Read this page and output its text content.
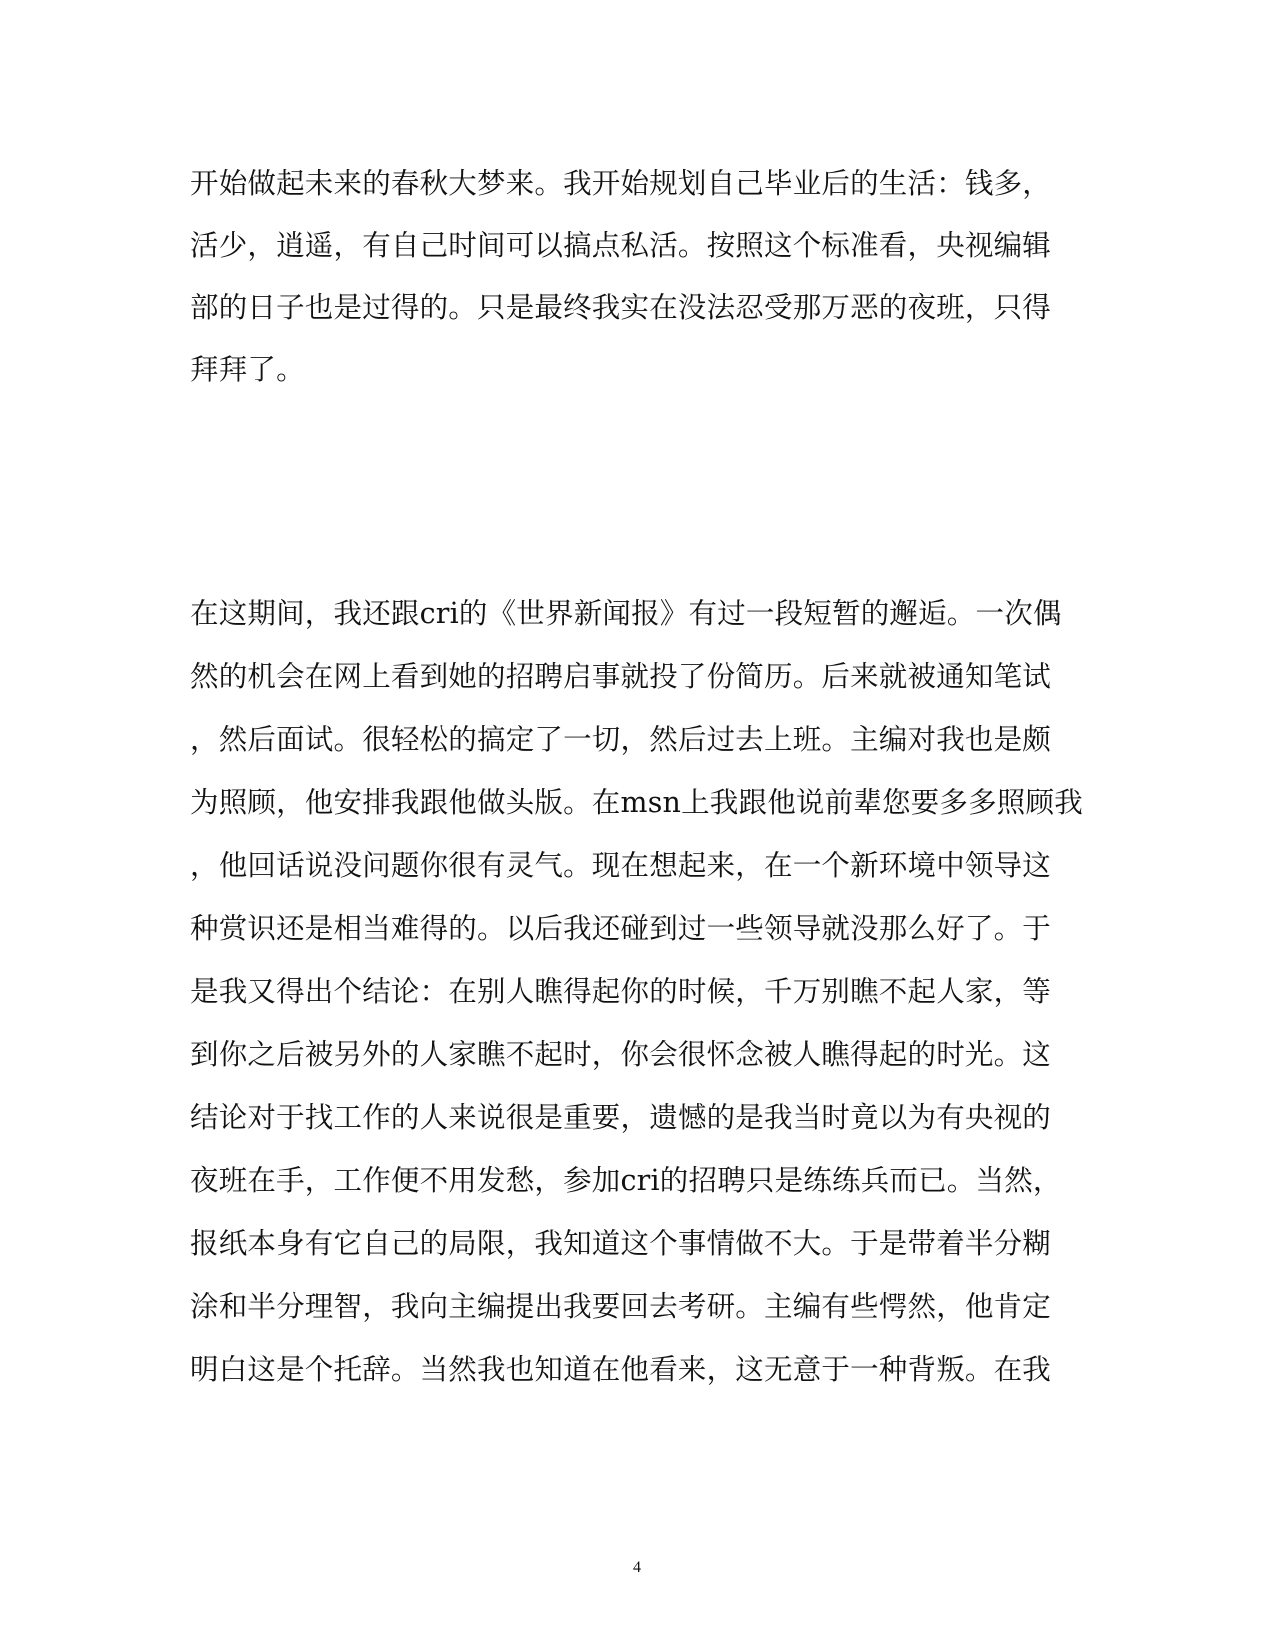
开始做起未来的春秋大梦来。我开始规划自己毕业后的生活：钱多，
活少，逍遥，有自己时间可以搞点私活。按照这个标准看，央视编辑
部的日子也是过得的。只是最终我实在没法忍受那万恶的夜班，只得
拜拜了。
在这期间，我还跟cri的《世界新闻报》有过一段短暂的邂逅。一次偶
然的机会在网上看到她的招聘启事就投了份简历。后来就被通知笔试
，然后面试。很轻松的搞定了一切，然后过去上班。主编对我也是颇
为照顾，他安排我跟他做头版。在msn上我跟他说前辈您要多多照顾我
，他回话说没问题你很有灵气。现在想起来，在一个新环境中领导这
种赏识还是相当难得的。以后我还碰到过一些领导就没那么好了。于
是我又得出个结论：在别人瞧得起你的时候，千万别瞧不起人家，等
到你之后被另外的人家瞧不起时，你会很怀念被人瞧得起的时光。这
结论对于找工作的人来说很是重要，遗憾的是我当时竟以为有央视的
夜班在手，工作便不用发愁，参加cri的招聘只是练练兵而已。当然，
报纸本身有它自己的局限，我知道这个事情做不大。于是带着半分糊
涂和半分理智，我向主编提出我要回去考研。主编有些愕然，他肯定
明白这是个托辞。当然我也知道在他看来，这无意于一种背叛。在我
4
